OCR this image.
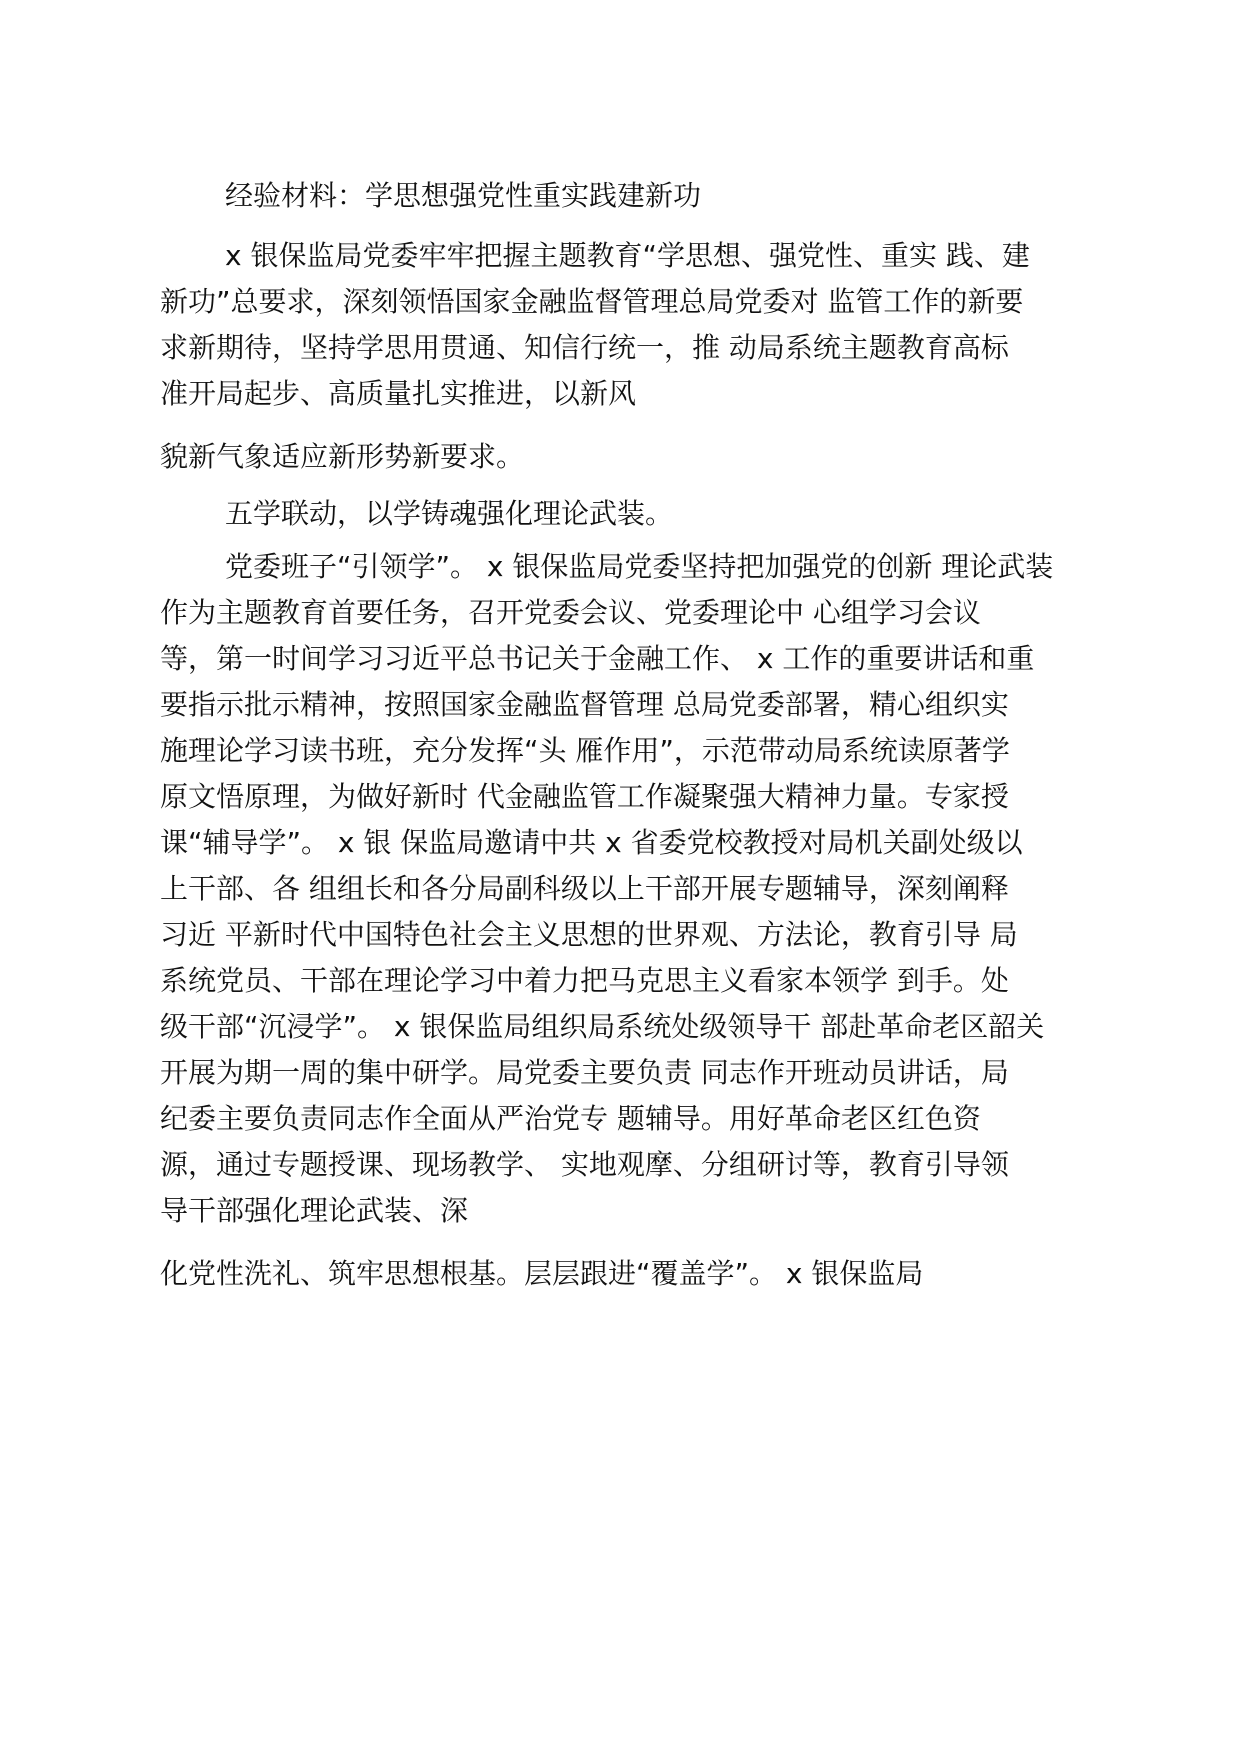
经验材料：学思想强党性重实践建新功
x 银保监局党委牢牢把握主题教育“学思想、强党性、重实 践、建
新功”总要求，深刻领悟国家金融监督管理总局党委对 监管工作的新要
求新期待，坚持学思用贯通、知信行统一，推 动局系统主题教育高标
准开局起步、高质量扎实推进，以新风
貌新气象适应新形势新要求。
五学联动，以学铸魂强化理论武装。
党委班子“引领学”。 x 银保监局党委坚持把加强党的创新 理论武装
作为主题教育首要任务，召开党委会议、党委理论中 心组学习会议
等，第一时间学习习近平总书记关于金融工作、 x 工作的重要讲话和重
要指示批示精神，按照国家金融监督管理 总局党委部署，精心组织实
施理论学习读书班，充分发挥“头 雁作用”，示范带动局系统读原著学
原文悟原理，为做好新时 代金融监管工作凝聚强大精神力量。专家授
课“辅导学”。 x 银 保监局邀请中共 x 省委党校教授对局机关副处级以
上干部、各 组组长和各分局副科级以上干部开展专题辅导，深刻阐释
习近 平新时代中国特色社会主义思想的世界观、方法论，教育引导 局
系统党员、干部在理论学习中着力把马克思主义看家本领学 到手。处
级干部“沉浸学”。 x 银保监局组织局系统处级领导干 部赴革命老区韶关
开展为期一周的集中研学。局党委主要负责 同志作开班动员讲话，局
纪委主要负责同志作全面从严治党专 题辅导。用好革命老区红色资
源，通过专题授课、现场教学、 实地观摩、分组研讨等，教育引导领
导干部强化理论武装、深
化党性洗礼、筑牢思想根基。层层跟进“覆盖学”。 x 银保监局
